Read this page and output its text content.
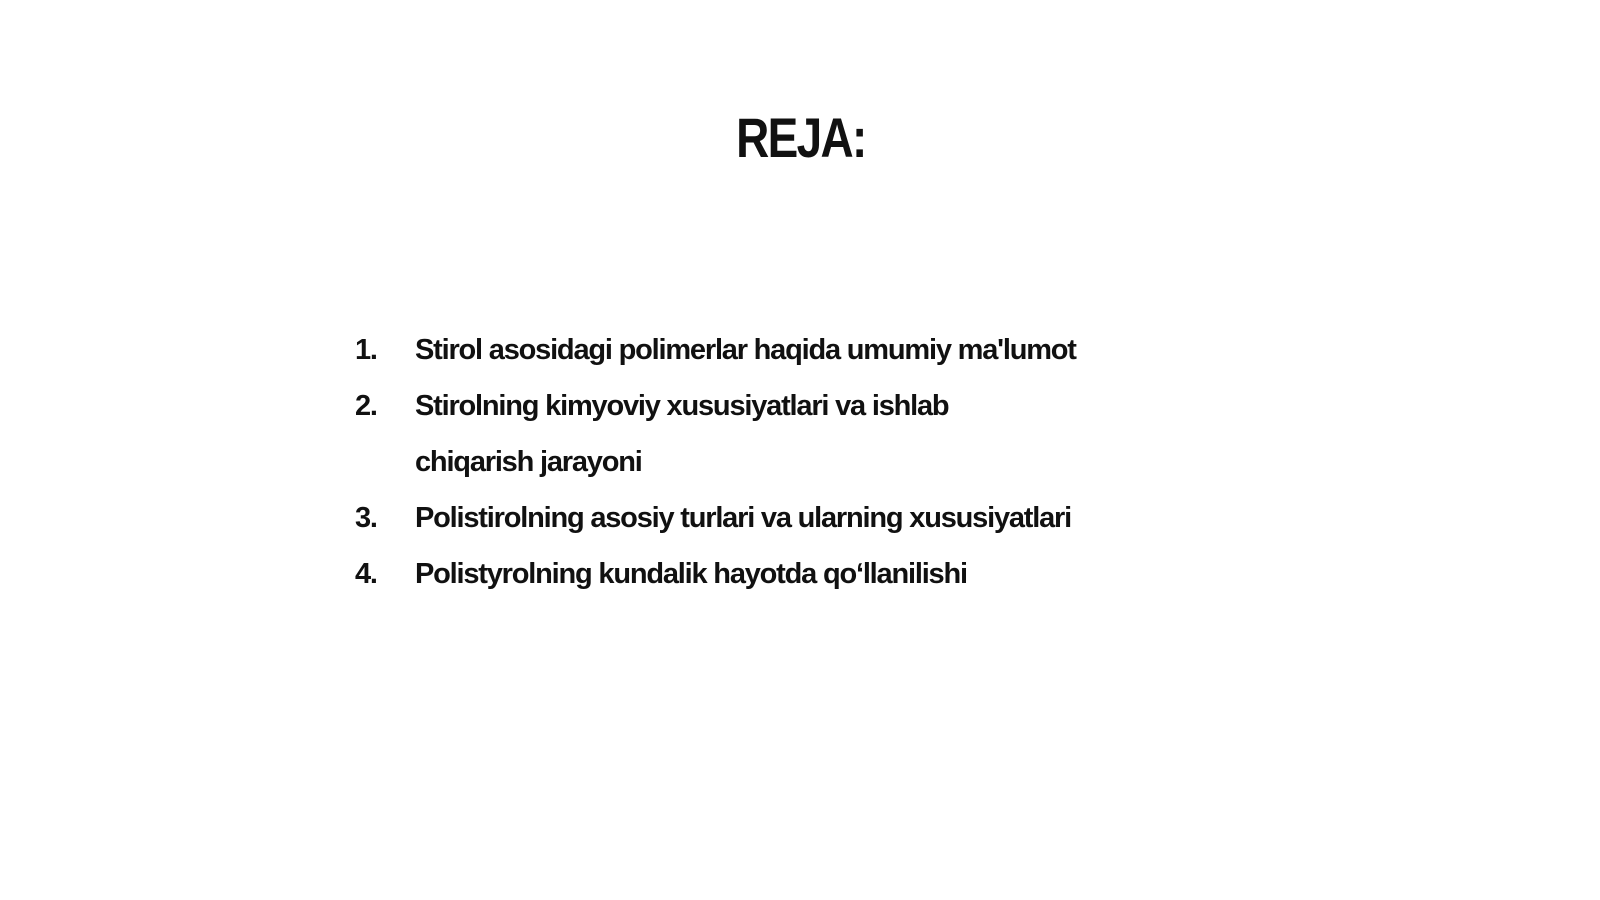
REJA:
1.	Stirol asosidagi polimerlar haqida umumiy ma'lumot
2.	Stirolning kimyoviy xususiyatlari va ishlab chiqarish jarayoni
3.	Polistirolning asosiy turlari va ularning xususiyatlari
4.	Polistyrolning kundalik hayotda qoʻllanilishi
